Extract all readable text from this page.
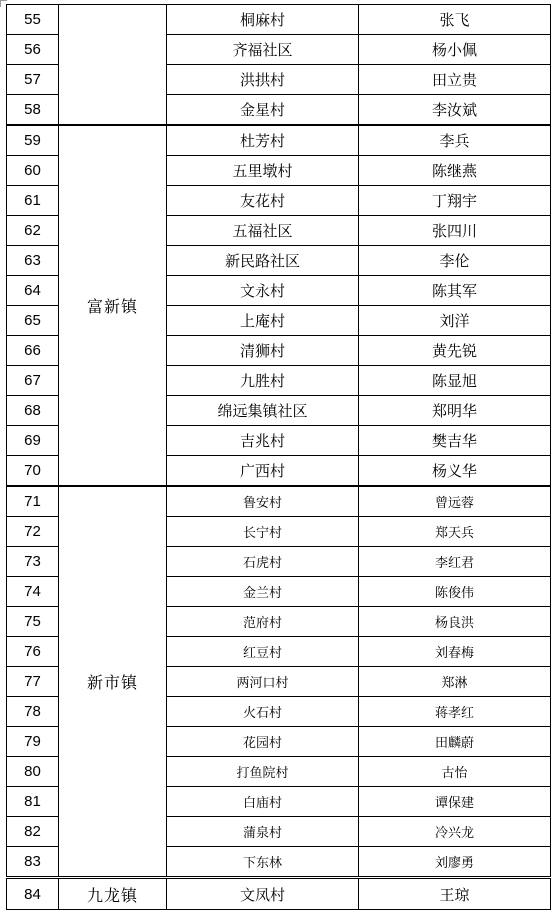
55		桐麻村	张飞
56		齐福社区	杨小佩
57		洪拱村	田立贵
58		金星村	李汝斌
59	富新镇	杜芳村	李兵
60		五里墩村	陈继燕
61		友花村	丁翔宇
62		五福社区	张四川
63		新民路社区	李伦
64		文永村	陈其军
65		上庵村	刘洋
66		清狮村	黄先锐
67		九胜村	陈显旭
68		绵远集镇社区	郑明华
69		吉兆村	樊吉华
70		广西村	杨义华
71	新市镇	鲁安村	曾远蓉
72		长宁村	郑天兵
73		石虎村	李红君
74		金兰村	陈俊伟
75		范府村	杨良洪
76		红豆村	刘春梅
77		两河口村	郑淋
78		火石村	蒋孝红
79		花园村	田麟蔚
80		打鱼院村	古怡
81		白庙村	谭保建
82		蒲泉村	冷兴龙
83		下东林	刘廖勇
84	九龙镇	文凤村	王琼
